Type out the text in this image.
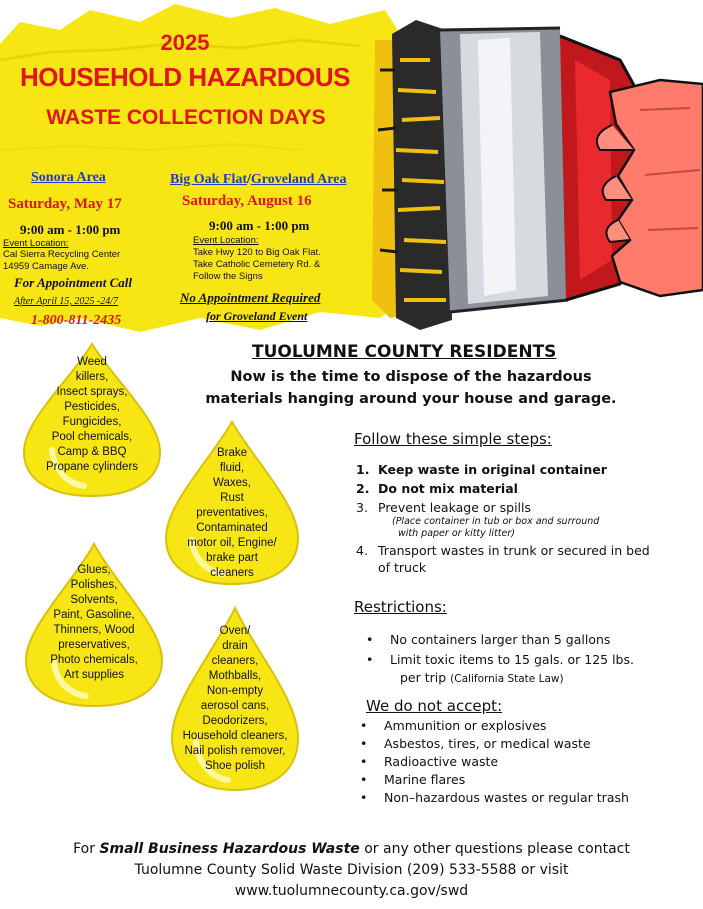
2025
HOUSEHOLD HAZARDOUS
WASTE COLLECTION DAYS
Sonora Area
Saturday, May 17
9:00 am - 1:00 pm
Event Location:
Cal Sierra Recycling Center
14959 Camage Ave.
For Appointment Call
After April 15, 2025 -24/7
1-800-811-2435
Big Oak Flat/Groveland Area
Saturday, August 16
9:00 am - 1:00 pm
Event Location:
Take Hwy 120 to Big Oak Flat.
Take Catholic Cemetery Rd. &
Follow the Signs
No Appointment Required
for Groveland Event
Weed
killers,
Insect sprays,
Pesticides,
Fungicides,
Pool chemicals,
Camp & BBQ
Propane cylinders
Brake
fluid,
Waxes,
Rust
preventatives,
Contaminated
motor oil, Engine/
brake part
cleaners
Glues,
Polishes,
Solvents,
Paint, Gasoline,
Thinners, Wood
preservatives,
Photo chemicals,
Art supplies
Oven/
drain
cleaners,
Mothballs,
Non-empty
aerosol cans,
Deodorizers,
Household cleaners,
Nail polish remover,
Shoe polish
TUOLUMNE COUNTY RESIDENTS
Now is the time to dispose of the hazardous
materials hanging around your house and garage.
Follow these simple steps:
1. Keep waste in original container
2. Do not mix material
3. Prevent leakage or spills
(Place container in tub or box and surround
with paper or kitty litter)
4. Transport wastes in trunk or secured in bed
of truck
Restrictions:
• No containers larger than 5 gallons
• Limit toxic items to 15 gals. or 125 lbs.
per trip (California State Law)
We do not accept:
• Ammunition or explosives
• Asbestos, tires, or medical waste
• Radioactive waste
• Marine flares
• Non–hazardous wastes or regular trash
For Small Business Hazardous Waste or any other questions please contact
Tuolumne County Solid Waste Division (209) 533-5588 or visit
www.tuolumnecounty.ca.gov/swd
